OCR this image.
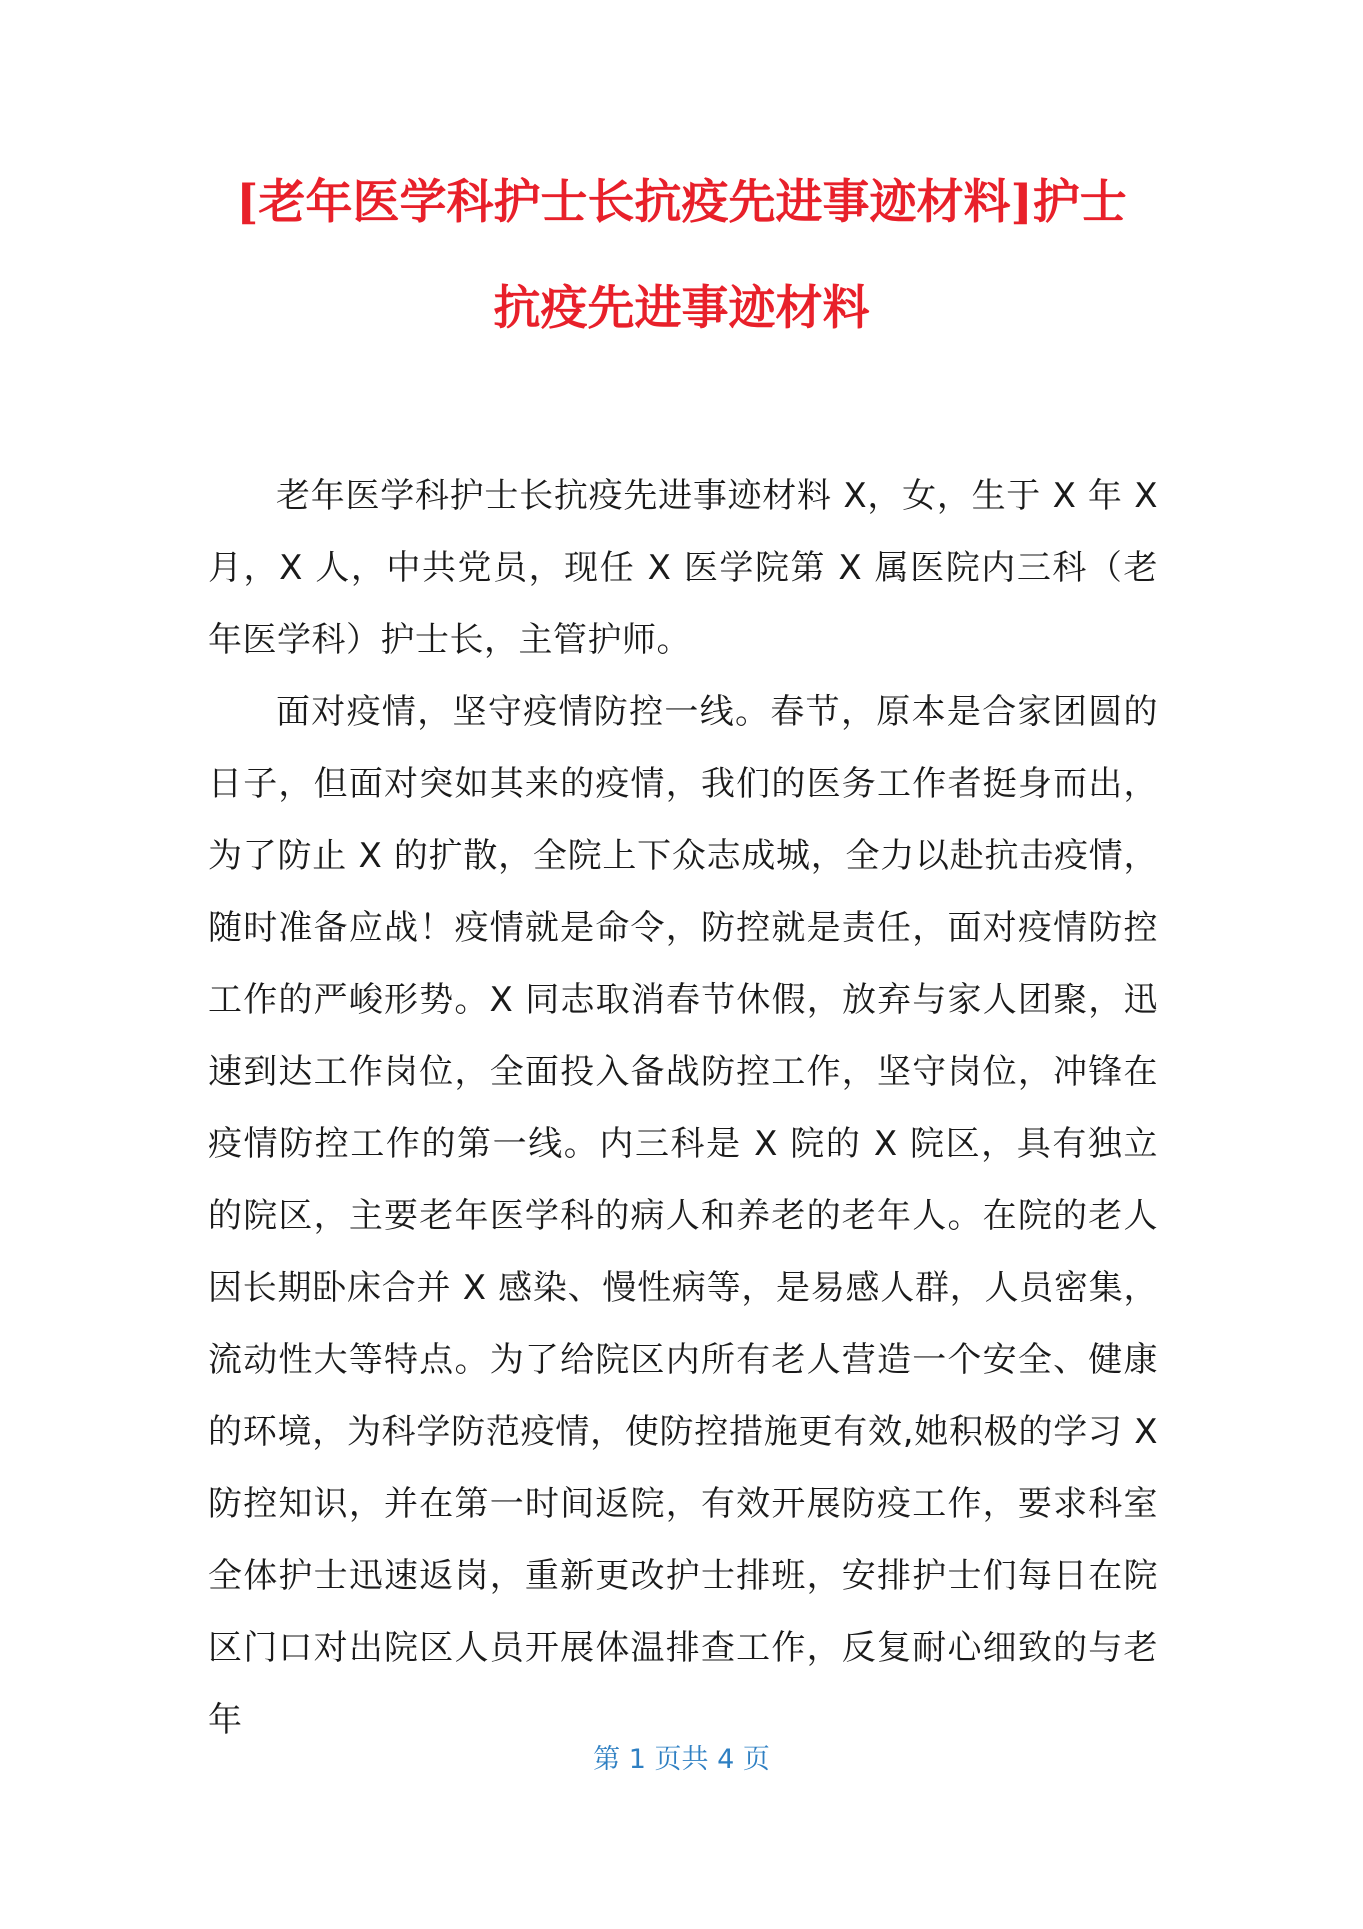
[老年医学科护士长抗疫先进事迹材料]护士
抗疫先进事迹材料

老年医学科护士长抗疫先进事迹材料 X，女，生于 X 年 X 月，X 人，中共党员，现任 X 医学院第 X 属医院内三科（老年医学科）护士长，主管护师。

面对疫情，坚守疫情防控一线。春节，原本是合家团圆的日子，但面对突如其来的疫情，我们的医务工作者挺身而出，为了防止 X 的扩散，全院上下众志成城，全力以赴抗击疫情，随时准备应战！疫情就是命令，防控就是责任，面对疫情防控工作的严峻形势。X 同志取消春节休假，放弃与家人团聚，迅速到达工作岗位，全面投入备战防控工作，坚守岗位，冲锋在疫情防控工作的第一线。内三科是 X 院的 X 院区，具有独立的院区，主要老年医学科的病人和养老的老年人。在院的老人因长期卧床合并 X 感染、慢性病等，是易感人群，人员密集，流动性大等特点。为了给院区内所有老人营造一个安全、健康的环境，为科学防范疫情，使防控措施更有效,她积极的学习 X 防控知识，并在第一时间返院，有效开展防疫工作，要求科室全体护士迅速返岗，重新更改护士排班，安排护士们每日在院区门口对出院区人员开展体温排查工作，反复耐心细致的与老年

第 1 页共 4 页
